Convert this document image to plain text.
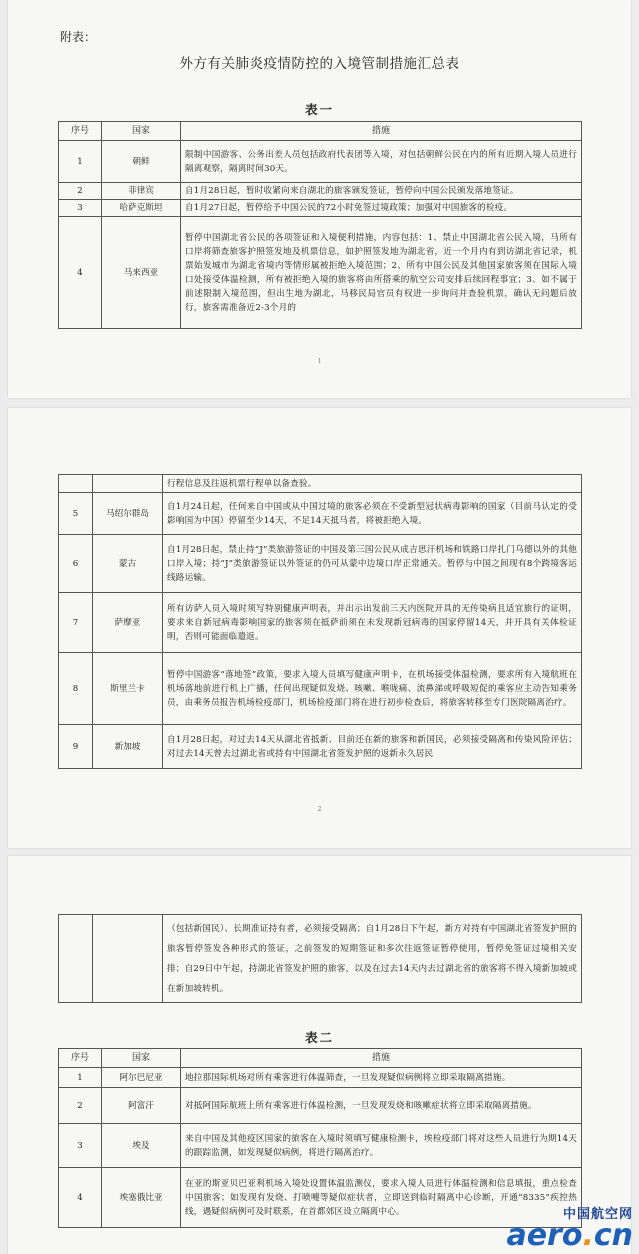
附表：
外方有关肺炎疫情防控的入境管制措施汇总表
表一
序号	国家	措施
1	朝鲜	限制中国游客、公务出差人员包括政府代表团等入境，对包括朝鲜公民在内的所有近期入境人员进行隔离观察，隔离时间30天。
2	菲律宾	自1月28日起，暂时收紧向来自湖北的旅客颁发签证，暂停向中国公民颁发落地签证。
3	哈萨克斯坦	自1月27日起，暂停给予中国公民的72小时免签过境政策；加强对中国旅客的检疫。
4	马来西亚	暂停中国湖北省公民的各项签证和入境便利措施，内容包括：1、禁止中国湖北省公民入境，马所有口岸将筛查旅客护照签发地及机票信息，如护照签发地为湖北省，近一个月内有到访湖北省记录，机票始发城市为湖北省境内等情形属被拒绝入境范围；2、所有中国公民及其他国家旅客须在国际入境口处接受体温检测，所有被拒绝入境的旅客将由所搭乘的航空公司安排后续回程事宜；3、如不属于前述限制入境范围，但出生地为湖北，马移民局官员有权进一步询问并查验机票，确认无问题后放行，旅客需准备近2-3个月的
1
		行程信息及往返机票行程单以备查验。
5	马绍尔群岛	自1月24日起，任何来自中国或从中国过境的旅客必须在不受新型冠状病毒影响的国家（目前马认定的受影响国为中国）停留至少14天，不足14天抵马者，将被拒绝入境。
6	蒙古	自1月28日起，禁止持“J”类旅游签证的中国及第三国公民从成吉思汗机场和铁路口岸扎门乌德以外的其他口岸入境；持“J”类旅游签证以外签证的仍可从蒙中边境口岸正常通关。暂停与中国之间现有8个跨境客运线路运输。
7	萨摩亚	所有访萨人员入境时须写特别健康声明表，并出示出发前三天内医院开具的无传染病且适宜旅行的证明，要求来自新冠病毒影响国家的旅客须在抵萨前须在未发现新冠病毒的国家停留14天，并开具有关体检证明，否则可能面临遣返。
8	斯里兰卡	暂停中国游客“落地签”政策，要求入境人员填写健康声明卡，在机场接受体温检测，要求所有入境航班在机场落地前进行机上广播，任何出现疑似发烧、咳嗽、喉咙痛、流鼻涕或呼吸短促的乘客应主动告知乘务员，由乘务员报告机场检疫部门，机场检疫部门将在进行初步检查后，将旅客转移至专门医院隔离治疗。
9	新加坡	自1月28日起，对过去14天从湖北省抵新、目前还在新的旅客和新国民，必须接受隔离和传染风险评估；对过去14天曾去过湖北省或持有中国湖北省签发护照的返新永久居民
2
		（包括新国民）、长期准证持有者，必须接受隔离；自1月28日下午起，新方对持有中国湖北省签发护照的旅客暂停签发各种形式的签证，之前签发的短期签证和多次往返签证暂停使用，暂停免签证过境相关安排；自29日中午起，持湖北省签发护照的旅客，以及在过去14天内去过湖北省的旅客将不得入境新加坡或在新加坡转机。
表二
序号	国家	措施
1	阿尔巴尼亚	地拉那国际机场对所有乘客进行体温筛查，一旦发现疑似病例将立即采取隔离措施。
2	阿富汗	对抵阿国际航班上所有乘客进行体温检测，一旦发现发烧和咳嗽症状将立即采取隔离措施。
3	埃及	来自中国及其他疫区国家的旅客在入境时须填写健康检测卡，埃检疫部门将对这些人员进行为期14天的跟踪监测，如发现疑似病例，将进行隔离治疗。
4	埃塞俄比亚	在亚的斯亚贝巴亚利机场入境处设置体温监测仪，要求入境人员进行体温检测和信息填报，重点检查中国旅客；如发现有发烧、打喷嚏等疑似症状者，立即送到临时隔离中心诊断，开通“8335”疾控热线，遇疑似病例可及时联系，在首都郊区设立隔离中心。	中国航空网
aero.cn
